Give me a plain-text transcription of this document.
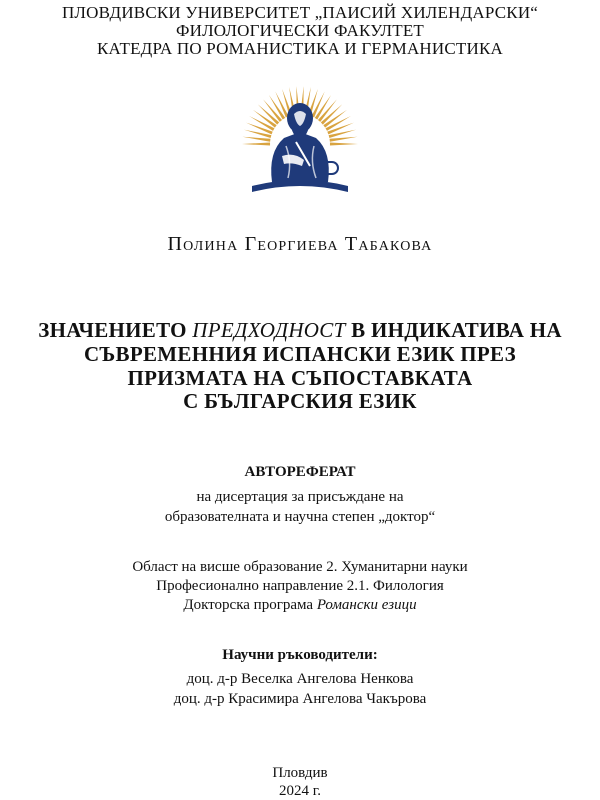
ПЛОВДИВСКИ УНИВЕРСИТЕТ „ПАИСИЙ ХИЛЕНДАРСКИ“
ФИЛОЛОГИЧЕСКИ ФАКУЛТЕТ
КАТЕДРА ПО РОМАНИСТИКА И ГЕРМАНИСТИКА
Полина Георгиева Табакова
ЗНАЧЕНИЕТО ПРЕДХОДНОСТ В ИНДИКАТИВА НА
СЪВРЕМЕННИЯ ИСПАНСКИ ЕЗИК ПРЕЗ
ПРИЗМАТА НА СЪПОСТАВКАТА
С БЪЛГАРСКИЯ ЕЗИК
АВТОРЕФЕРАТ
на дисертация за присъждане на
образователната и научна степен „доктор“
Област на висше образование 2. Хуманитарни науки
Професионално направление 2.1. Филология
Докторска програма Романски езици
Научни ръководители:
доц. д-р Веселка Ангелова Ненкова
доц. д-р Красимира Ангелова Чакърова
Пловдив
2024 г.
